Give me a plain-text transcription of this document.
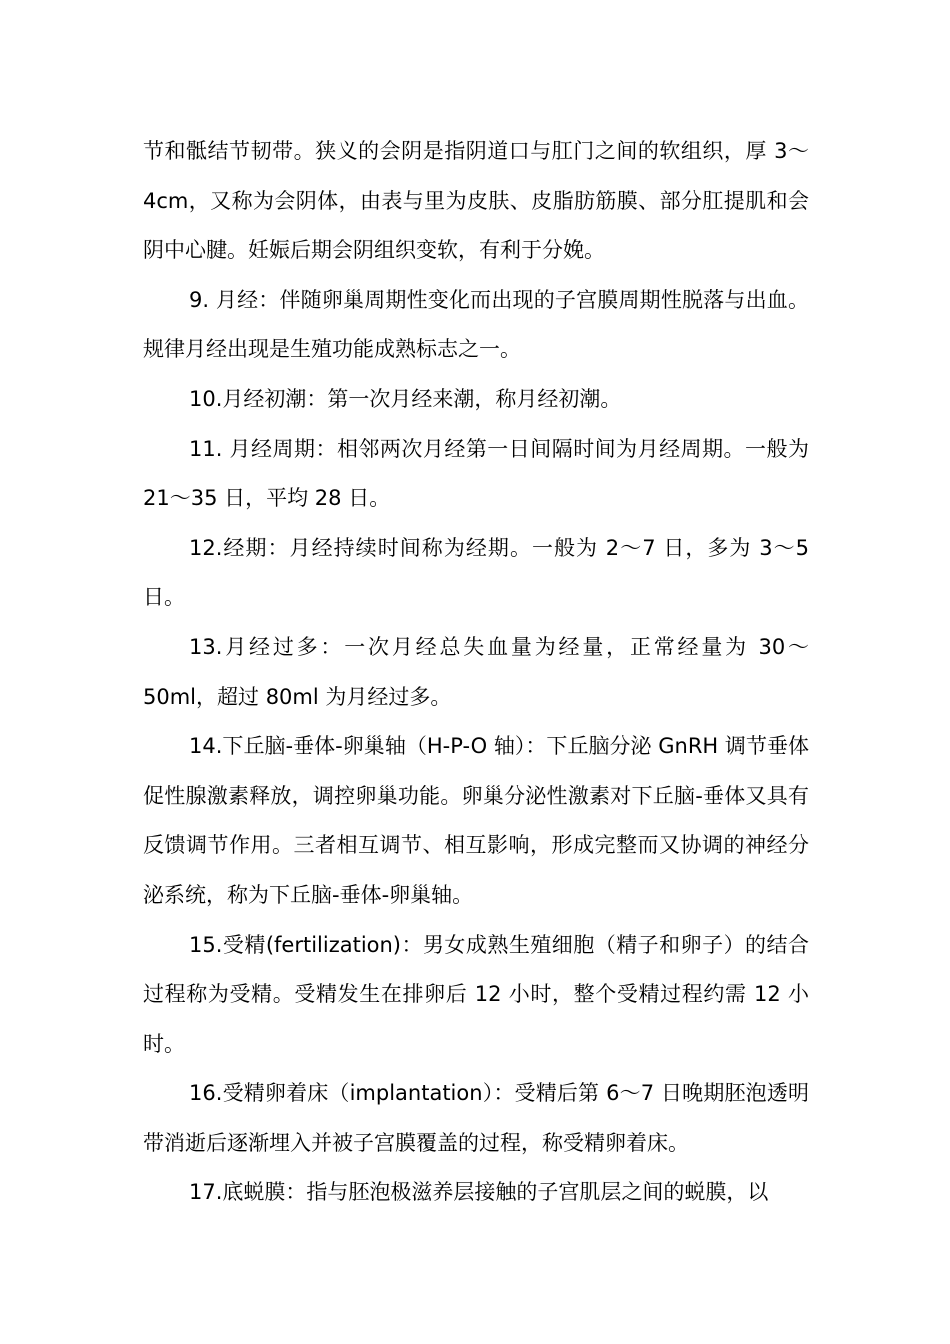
节和骶结节韧带。狭义的会阴是指阴道口与肛门之间的软组织，厚 3～4cm，又称为会阴体，由表与里为皮肤、皮脂肪筋膜、部分肛提肌和会阴中心腱。妊娠后期会阴组织变软，有利于分娩。

9. 月经：伴随卵巢周期性变化而出现的子宫膜周期性脱落与出血。规律月经出现是生殖功能成熟标志之一。

10.月经初潮：第一次月经来潮，称月经初潮。

11. 月经周期：相邻两次月经第一日间隔时间为月经周期。一般为 21～35 日，平均 28 日。

12.经期：月经持续时间称为经期。一般为 2～7 日，多为 3～5 日。

13.月经过多：一次月经总失血量为经量，正常经量为 30～50ml，超过 80ml 为月经过多。

14.下丘脑-垂体-卵巢轴（H-P-O 轴）：下丘脑分泌 GnRH 调节垂体促性腺激素释放，调控卵巢功能。卵巢分泌性激素对下丘脑-垂体又具有反馈调节作用。三者相互调节、相互影响，形成完整而又协调的神经分泌系统，称为下丘脑-垂体-卵巢轴。

15.受精(fertilization)：男女成熟生殖细胞（精子和卵子）的结合过程称为受精。受精发生在排卵后 12 小时，整个受精过程约需 12 小时。

16.受精卵着床（implantation）：受精后第 6～7 日晚期胚泡透明带消逝后逐渐埋入并被子宫膜覆盖的过程，称受精卵着床。

17.底蜕膜：指与胚泡极滋养层接触的子宫肌层之间的蜕膜，以
